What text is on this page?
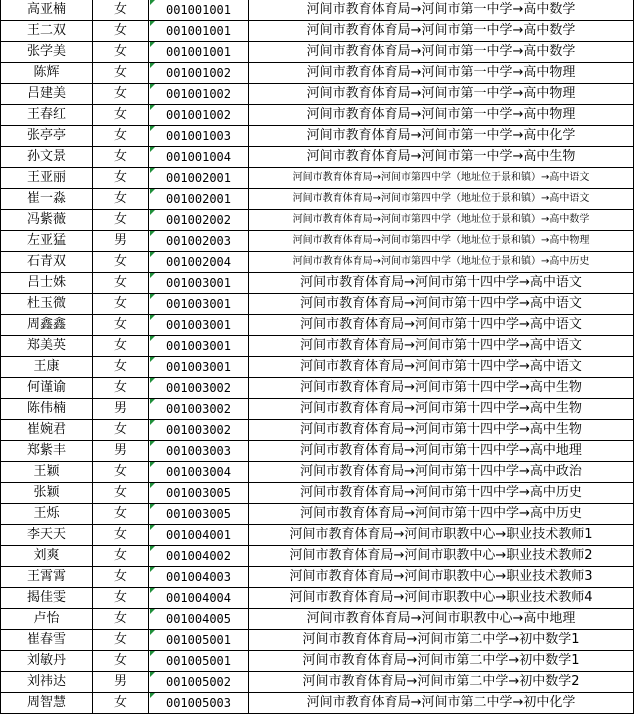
高亚楠	女	001001001	河间市教育体育局→河间市第一中学→高中数学
王二双	女	001001001	河间市教育体育局→河间市第一中学→高中数学
张学美	女	001001001	河间市教育体育局→河间市第一中学→高中数学
陈辉	女	001001002	河间市教育体育局→河间市第一中学→高中物理
吕建美	女	001001002	河间市教育体育局→河间市第一中学→高中物理
王春红	女	001001002	河间市教育体育局→河间市第一中学→高中物理
张亭亭	女	001001003	河间市教育体育局→河间市第一中学→高中化学
孙文景	女	001001004	河间市教育体育局→河间市第一中学→高中生物
王亚丽	女	001002001	河间市教育体育局→河间市第四中学（地址位于景和镇）→高中语文
崔一淼	女	001002001	河间市教育体育局→河间市第四中学（地址位于景和镇）→高中语文
冯紫薇	女	001002002	河间市教育体育局→河间市第四中学（地址位于景和镇）→高中数学
左亚猛	男	001002003	河间市教育体育局→河间市第四中学（地址位于景和镇）→高中物理
石青双	女	001002004	河间市教育体育局→河间市第四中学（地址位于景和镇）→高中历史
吕士姝	女	001003001	河间市教育体育局→河间市第十四中学→高中语文
杜玉微	女	001003001	河间市教育体育局→河间市第十四中学→高中语文
周鑫鑫	女	001003001	河间市教育体育局→河间市第十四中学→高中语文
郑美英	女	001003001	河间市教育体育局→河间市第十四中学→高中语文
王康	女	001003001	河间市教育体育局→河间市第十四中学→高中语文
何谨谕	女	001003002	河间市教育体育局→河间市第十四中学→高中生物
陈伟楠	男	001003002	河间市教育体育局→河间市第十四中学→高中生物
崔婉君	女	001003002	河间市教育体育局→河间市第十四中学→高中生物
郑紫丰	男	001003003	河间市教育体育局→河间市第十四中学→高中地理
王颖	女	001003004	河间市教育体育局→河间市第十四中学→高中政治
张颖	女	001003005	河间市教育体育局→河间市第十四中学→高中历史
王烁	女	001003005	河间市教育体育局→河间市第十四中学→高中历史
李天天	女	001004001	河间市教育体育局→河间市职教中心→职业技术教师1
刘爽	女	001004002	河间市教育体育局→河间市职教中心→职业技术教师2
王霄霄	女	001004003	河间市教育体育局→河间市职教中心→职业技术教师3
揭佳雯	女	001004004	河间市教育体育局→河间市职教中心→职业技术教师4
卢怡	女	001004005	河间市教育体育局→河间市职教中心→高中地理
崔春雪	女	001005001	河间市教育体育局→河间市第二中学→初中数学1
刘敏丹	女	001005001	河间市教育体育局→河间市第二中学→初中数学1
刘祎达	男	001005002	河间市教育体育局→河间市第二中学→初中数学2
周智慧	女	001005003	河间市教育体育局→河间市第二中学→初中化学
